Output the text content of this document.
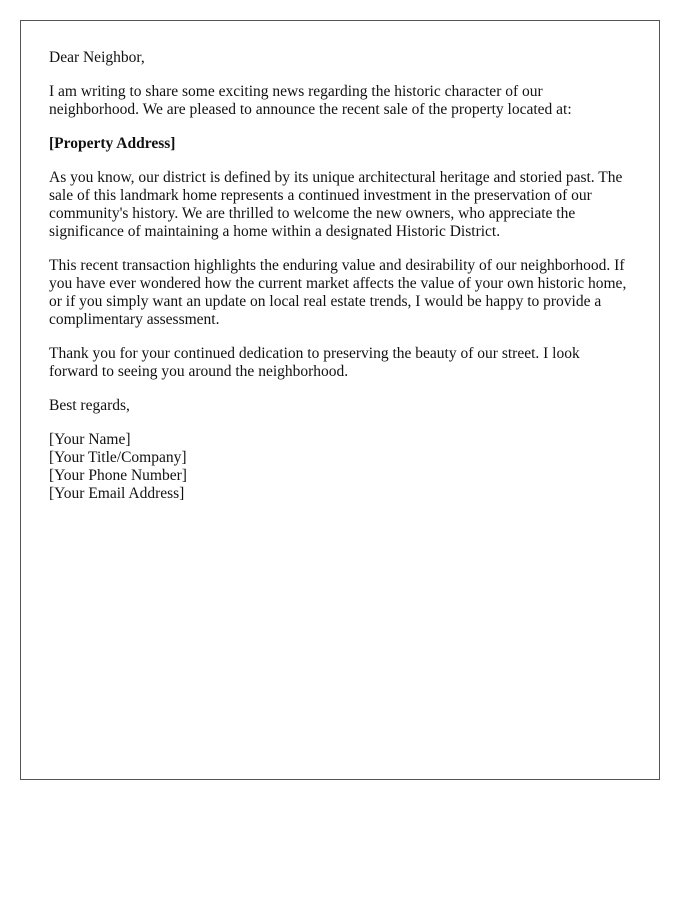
Dear Neighbor,

I am writing to share some exciting news regarding the historic character of our neighborhood. We are pleased to announce the recent sale of the property located at:

[Property Address]

As you know, our district is defined by its unique architectural heritage and storied past. The sale of this landmark home represents a continued investment in the preservation of our community's history. We are thrilled to welcome the new owners, who appreciate the significance of maintaining a home within a designated Historic District.

This recent transaction highlights the enduring value and desirability of our neighborhood. If you have ever wondered how the current market affects the value of your own historic home, or if you simply want an update on local real estate trends, I would be happy to provide a complimentary assessment.

Thank you for your continued dedication to preserving the beauty of our street. I look forward to seeing you around the neighborhood.

Best regards,

[Your Name]
[Your Title/Company]
[Your Phone Number]
[Your Email Address]
